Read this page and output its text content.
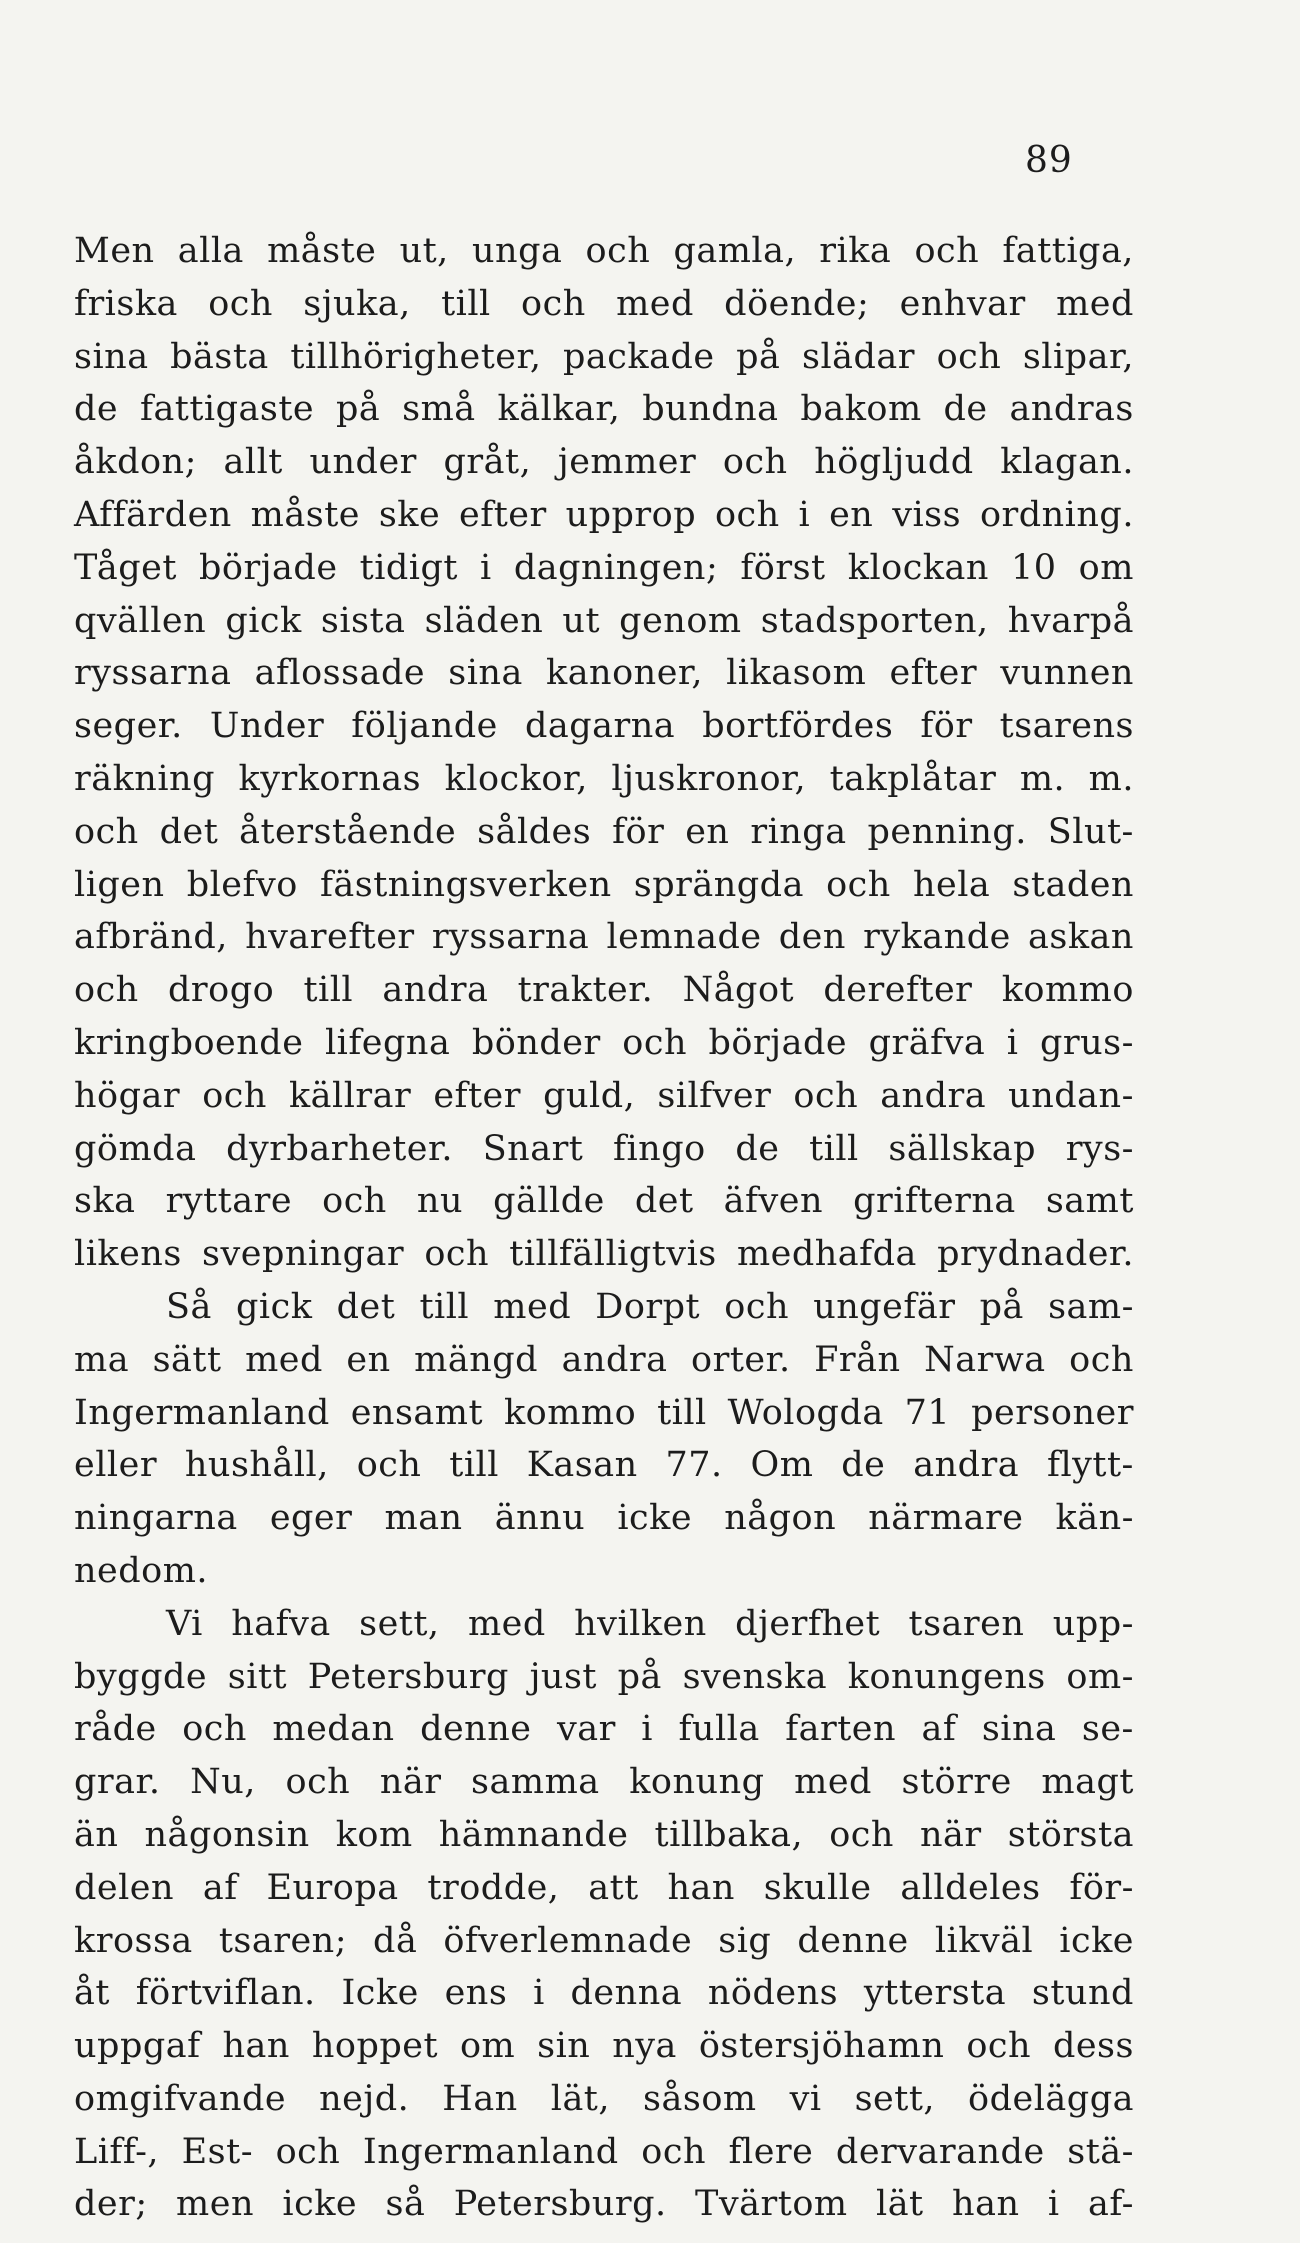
89
Men alla måste ut, unga och gamla, rika och fattiga,
friska och sjuka, till och med döende; enhvar med
sina bästa tillhörigheter, packade på slädar och slipar,
de fattigaste på små kälkar, bundna bakom de andras
åkdon; allt under gråt, jemmer och högljudd klagan.
Affärden måste ske efter upprop och i en viss ordning.
Tåget började tidigt i dagningen; först klockan 10 om
qvällen gick sista släden ut genom stadsporten, hvarpå
ryssarna aflossade sina kanoner, likasom efter vunnen
seger. Under följande dagarna bortfördes för tsarens
räkning kyrkornas klockor, ljuskronor, takplåtar m. m.
och det återstående såldes för en ringa penning. Slut-
ligen blefvo fästningsverken sprängda och hela staden
afbränd, hvarefter ryssarna lemnade den rykande askan
och drogo till andra trakter. Något derefter kommo
kringboende lifegna bönder och började gräfva i grus-
högar och källrar efter guld, silfver och andra undan-
gömda dyrbarheter. Snart fingo de till sällskap rys-
ska ryttare och nu gällde det äfven grifterna samt
likens svepningar och tillfälligtvis medhafda prydnader.
Så gick det till med Dorpt och ungefär på sam-
ma sätt med en mängd andra orter. Från Narwa och
Ingermanland ensamt kommo till Wologda 71 personer
eller hushåll, och till Kasan 77. Om de andra flytt-
ningarna eger man ännu icke någon närmare kän-
nedom.
Vi hafva sett, med hvilken djerfhet tsaren upp-
byggde sitt Petersburg just på svenska konungens om-
råde och medan denne var i fulla farten af sina se-
grar. Nu, och när samma konung med större magt
än någonsin kom hämnande tillbaka, och när största
delen af Europa trodde, att han skulle alldeles för-
krossa tsaren; då öfverlemnade sig denne likväl icke
åt förtviflan. Icke ens i denna nödens yttersta stund
uppgaf han hoppet om sin nya östersjöhamn och dess
omgifvande nejd. Han lät, såsom vi sett, ödelägga
Liff-, Est- och Ingermanland och flere dervarande stä-
der; men icke så Petersburg. Tvärtom lät han i af-
